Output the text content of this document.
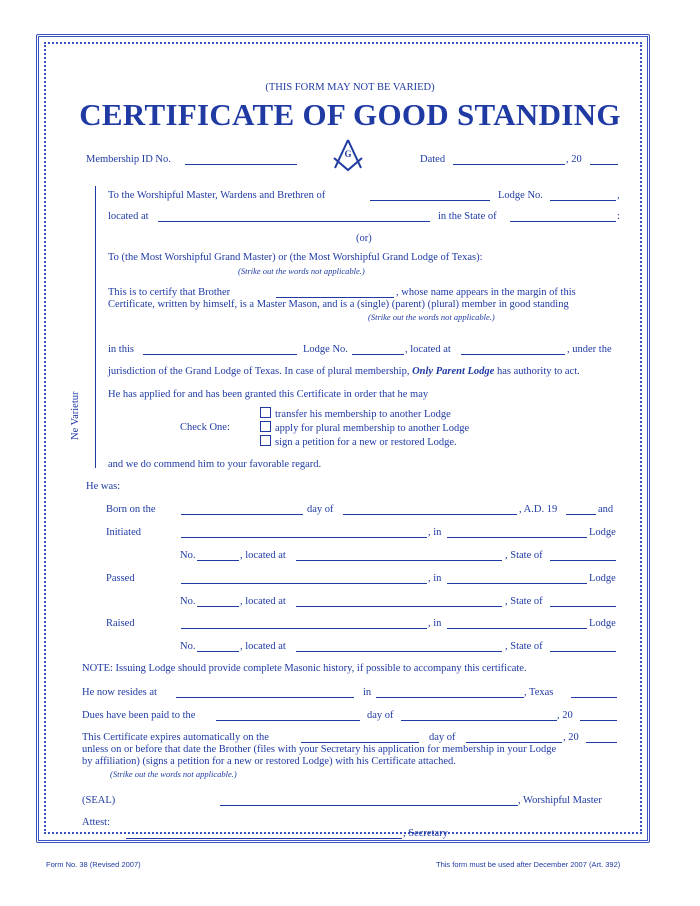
(THIS FORM MAY NOT BE VARIED)
CERTIFICATE OF GOOD STANDING
Membership ID No.	G	Dated	, 20
Ne Varietur
To the Worshipful Master, Wardens and Brethren of	Lodge No.	,
located at	in the State of	:
(or)
To (the Most Worshipful Grand Master) or (the Most Worshipful Grand Lodge of Texas):
(Strike out the words not applicable.)
This is to certify that Brother	, whose name appears in the margin of this
Certificate, written by himself, is a Master Mason, and is a (single) (parent) (plural) member in good standing
(Strike out the words not applicable.)
in this	Lodge No.	, located at	, under the
jurisdiction of the Grand Lodge of Texas. In case of plural membership, Only Parent Lodge has authority to act.
He has applied for and has been granted this Certificate in order that he may
Check One:
transfer his membership to another Lodge
apply for plural membership to another Lodge
sign a petition for a new or restored Lodge.
and we do commend him to your favorable regard.
He was:
Born on the	day of	, A.D. 19	and
Initiated	, in	Lodge
No.	, located at	, State of
Passed	, in	Lodge
No.	, located at	, State of
Raised	, in	Lodge
No.	, located at	, State of
NOTE: Issuing Lodge should provide complete Masonic history, if possible to accompany this certificate.
He now resides at	in	, Texas
Dues have been paid to the	day of	, 20
This Certificate expires automatically on the	day of	, 20
unless on or before that date the Brother (files with your Secretary his application for membership in your Lodge
by affiliation) (signs a petition for a new or restored Lodge) with his Certificate attached.
(Strike out the words not applicable.)
(SEAL)	, Worshipful Master
Attest:
, Secretary
Form No. 38 (Revised 2007)	This form must be used after December 2007 (Art. 392)
